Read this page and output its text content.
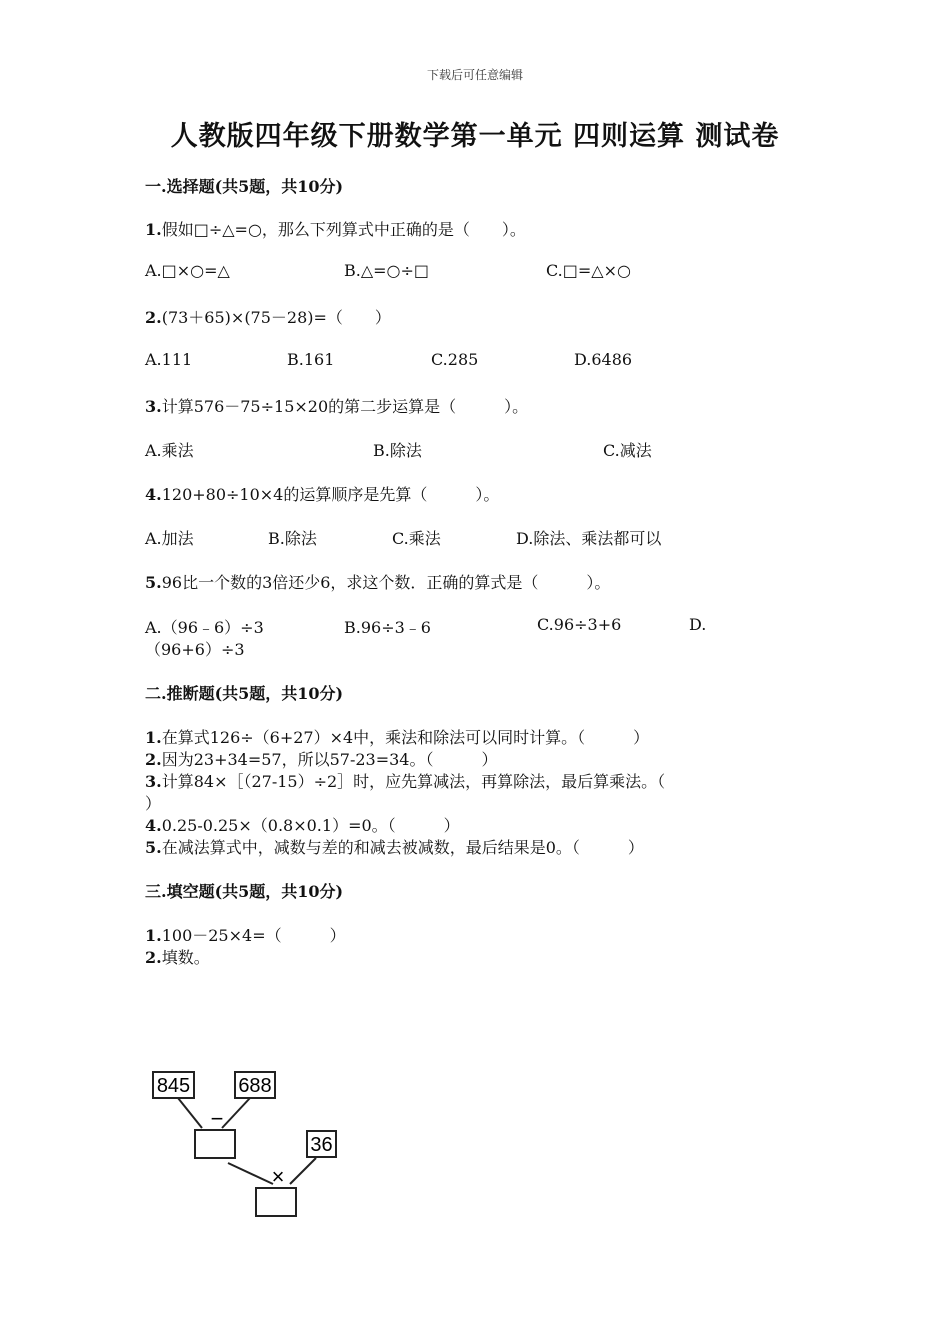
下载后可任意编辑
人教版四年级下册数学第一单元 四则运算 测试卷
一.选择题(共5题，共10分)
1.假如□÷△=○，那么下列算式中正确的是（　　）。
A.□×○=△	B.△=○÷□	C.□=△×○
2.(73＋65)×(75－28)=（　　）
A.111	B.161	C.285	D.6486
3.计算576－75÷15×20的第二步运算是（　　　）。
A.乘法	B.除法	C.减法
4.120+80÷10×4的运算顺序是先算（　　　）。
A.加法	B.除法	C.乘法	D.除法、乘法都可以
5.96比一个数的3倍还少6，求这个数．正确的算式是（　　　）。
A.（96﹣6）÷3	B.96÷3﹣6	C.96÷3+6	D.
（96+6）÷3
二.推断题(共5题，共10分)
1.在算式126÷（6+27）×4中，乘法和除法可以同时计算。（　　　）
2.因为23+34=57，所以57-23=34。（　　　）
3.计算84×［（27-15）÷2］时，应先算减法，再算除法，最后算乘法。（
）
4.0.25-0.25×（0.8×0.1）=0。（　　　）
5.在减法算式中，减数与差的和减去被减数，最后结果是0。（　　　）
三.填空题(共5题，共10分)
1.100－25×4=（　　　）
2.填数。
845 688
−
36
×
